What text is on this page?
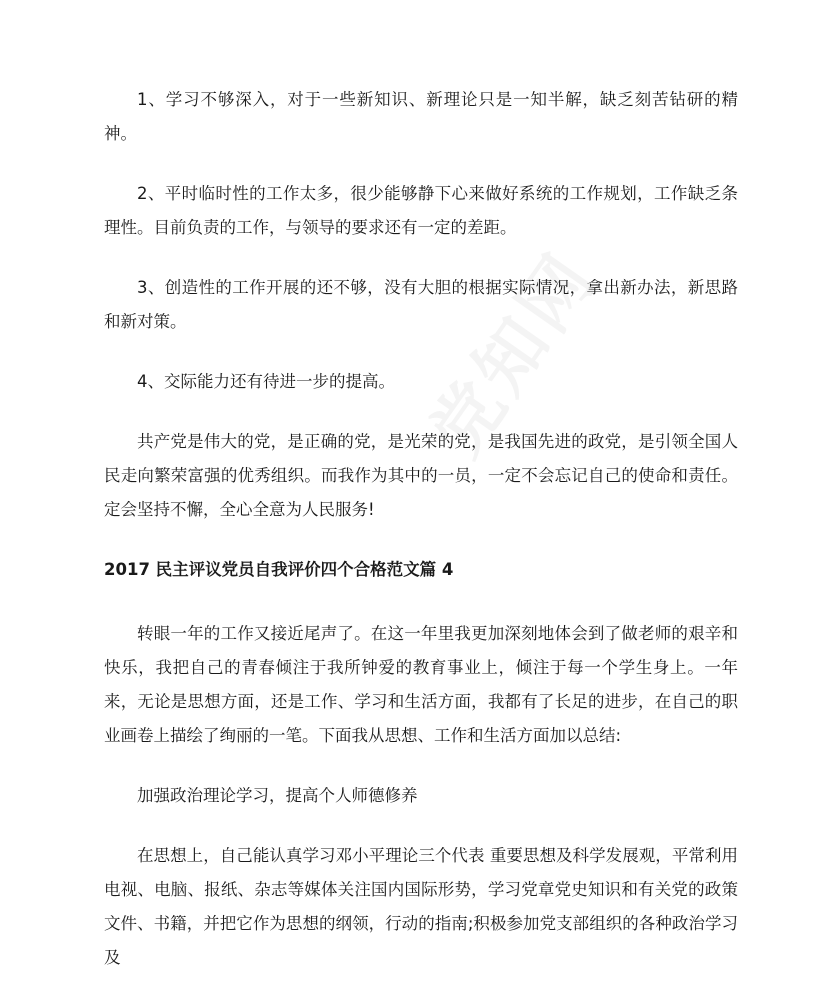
1、学习不够深入，对于一些新知识、新理论只是一知半解，缺乏刻苦钻研的精神。

2、平时临时性的工作太多，很少能够静下心来做好系统的工作规划，工作缺乏条理性。目前负责的工作，与领导的要求还有一定的差距。

3、创造性的工作开展的还不够，没有大胆的根据实际情况，拿出新办法，新思路和新对策。

4、交际能力还有待进一步的提高。

共产党是伟大的党，是正确的党，是光荣的党，是我国先进的政党，是引领全国人民走向繁荣富强的优秀组织。而我作为其中的一员，一定不会忘记自己的使命和责任。定会坚持不懈，全心全意为人民服务!

2017 民主评议党员自我评价四个合格范文篇 4

转眼一年的工作又接近尾声了。在这一年里我更加深刻地体会到了做老师的艰辛和快乐，我把自己的青春倾注于我所钟爱的教育事业上，倾注于每一个学生身上。一年来，无论是思想方面，还是工作、学习和生活方面，我都有了长足的进步，在自己的职业画卷上描绘了绚丽的一笔。下面我从思想、工作和生活方面加以总结:

加强政治理论学习，提高个人师德修养

在思想上，自己能认真学习邓小平理论三个代表 重要思想及科学发展观，平常利用电视、电脑、报纸、杂志等媒体关注国内国际形势，学习党章党史知识和有关党的政策文件、书籍，并把它作为思想的纲领，行动的指南;积极参加党支部组织的各种政治学习及
